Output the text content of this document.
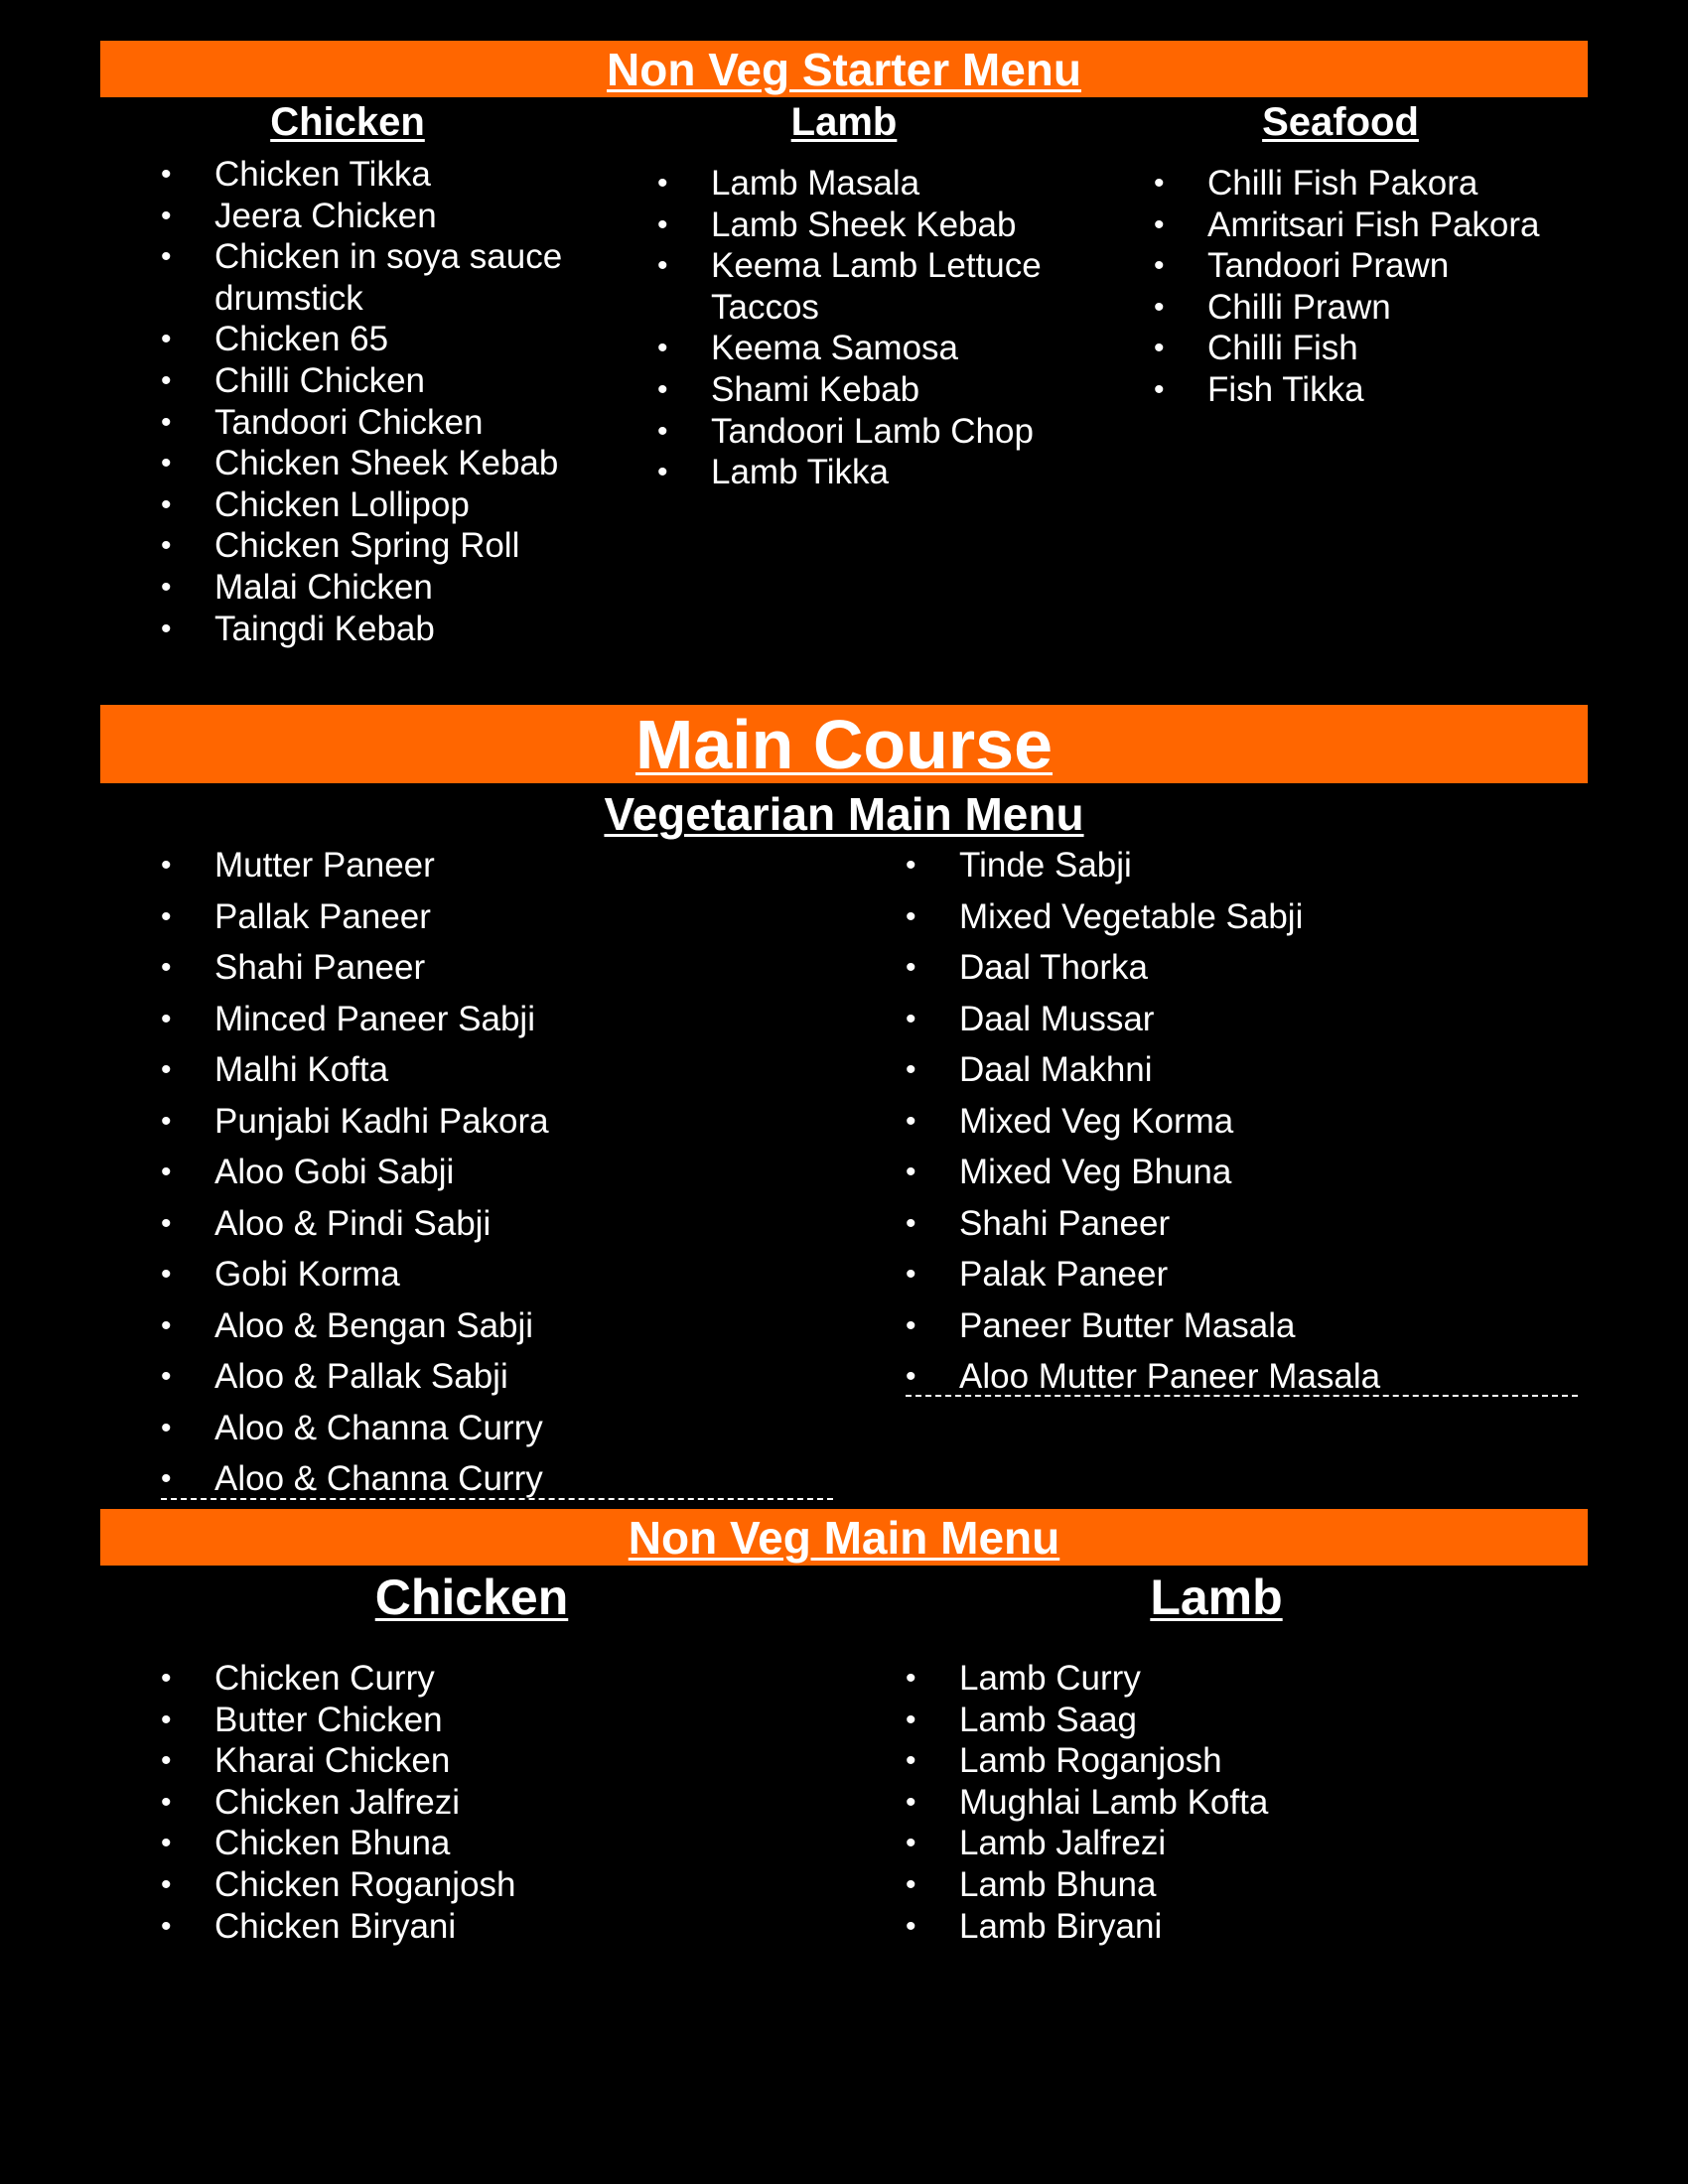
Non Veg Starter Menu
Chicken	Lamb	Seafood
• Chicken Tikka
• Jeera Chicken
• Chicken in soya sauce drumstick
• Chicken 65
• Chilli Chicken
• Tandoori Chicken
• Chicken Sheek Kebab
• Chicken Lollipop
• Chicken Spring Roll
• Malai Chicken
• Taingdi Kebab
• Lamb Masala
• Lamb Sheek Kebab
• Keema Lamb Lettuce Taccos
• Keema Samosa
• Shami Kebab
• Tandoori Lamb Chop
• Lamb Tikka
• Chilli Fish Pakora
• Amritsari Fish Pakora
• Tandoori Prawn
• Chilli Prawn
• Chilli Fish
• Fish Tikka
Main Course
Vegetarian Main Menu
• Mutter Paneer
• Pallak Paneer
• Shahi Paneer
• Minced Paneer Sabji
• Malhi Kofta
• Punjabi Kadhi Pakora
• Aloo Gobi Sabji
• Aloo & Pindi Sabji
• Gobi Korma
• Aloo & Bengan Sabji
• Aloo & Pallak Sabji
• Aloo & Channa Curry
• Aloo & Channa Curry
• Tinde Sabji
• Mixed Vegetable Sabji
• Daal Thorka
• Daal Mussar
• Daal Makhni
• Mixed Veg Korma
• Mixed Veg Bhuna
• Shahi Paneer
• Palak Paneer
• Paneer Butter Masala
• Aloo Mutter Paneer Masala
Non Veg Main Menu
Chicken	Lamb
• Chicken Curry
• Butter Chicken
• Kharai Chicken
• Chicken Jalfrezi
• Chicken Bhuna
• Chicken Roganjosh
• Chicken Biryani
• Lamb Curry
• Lamb Saag
• Lamb Roganjosh
• Mughlai Lamb Kofta
• Lamb Jalfrezi
• Lamb Bhuna
• Lamb Biryani
